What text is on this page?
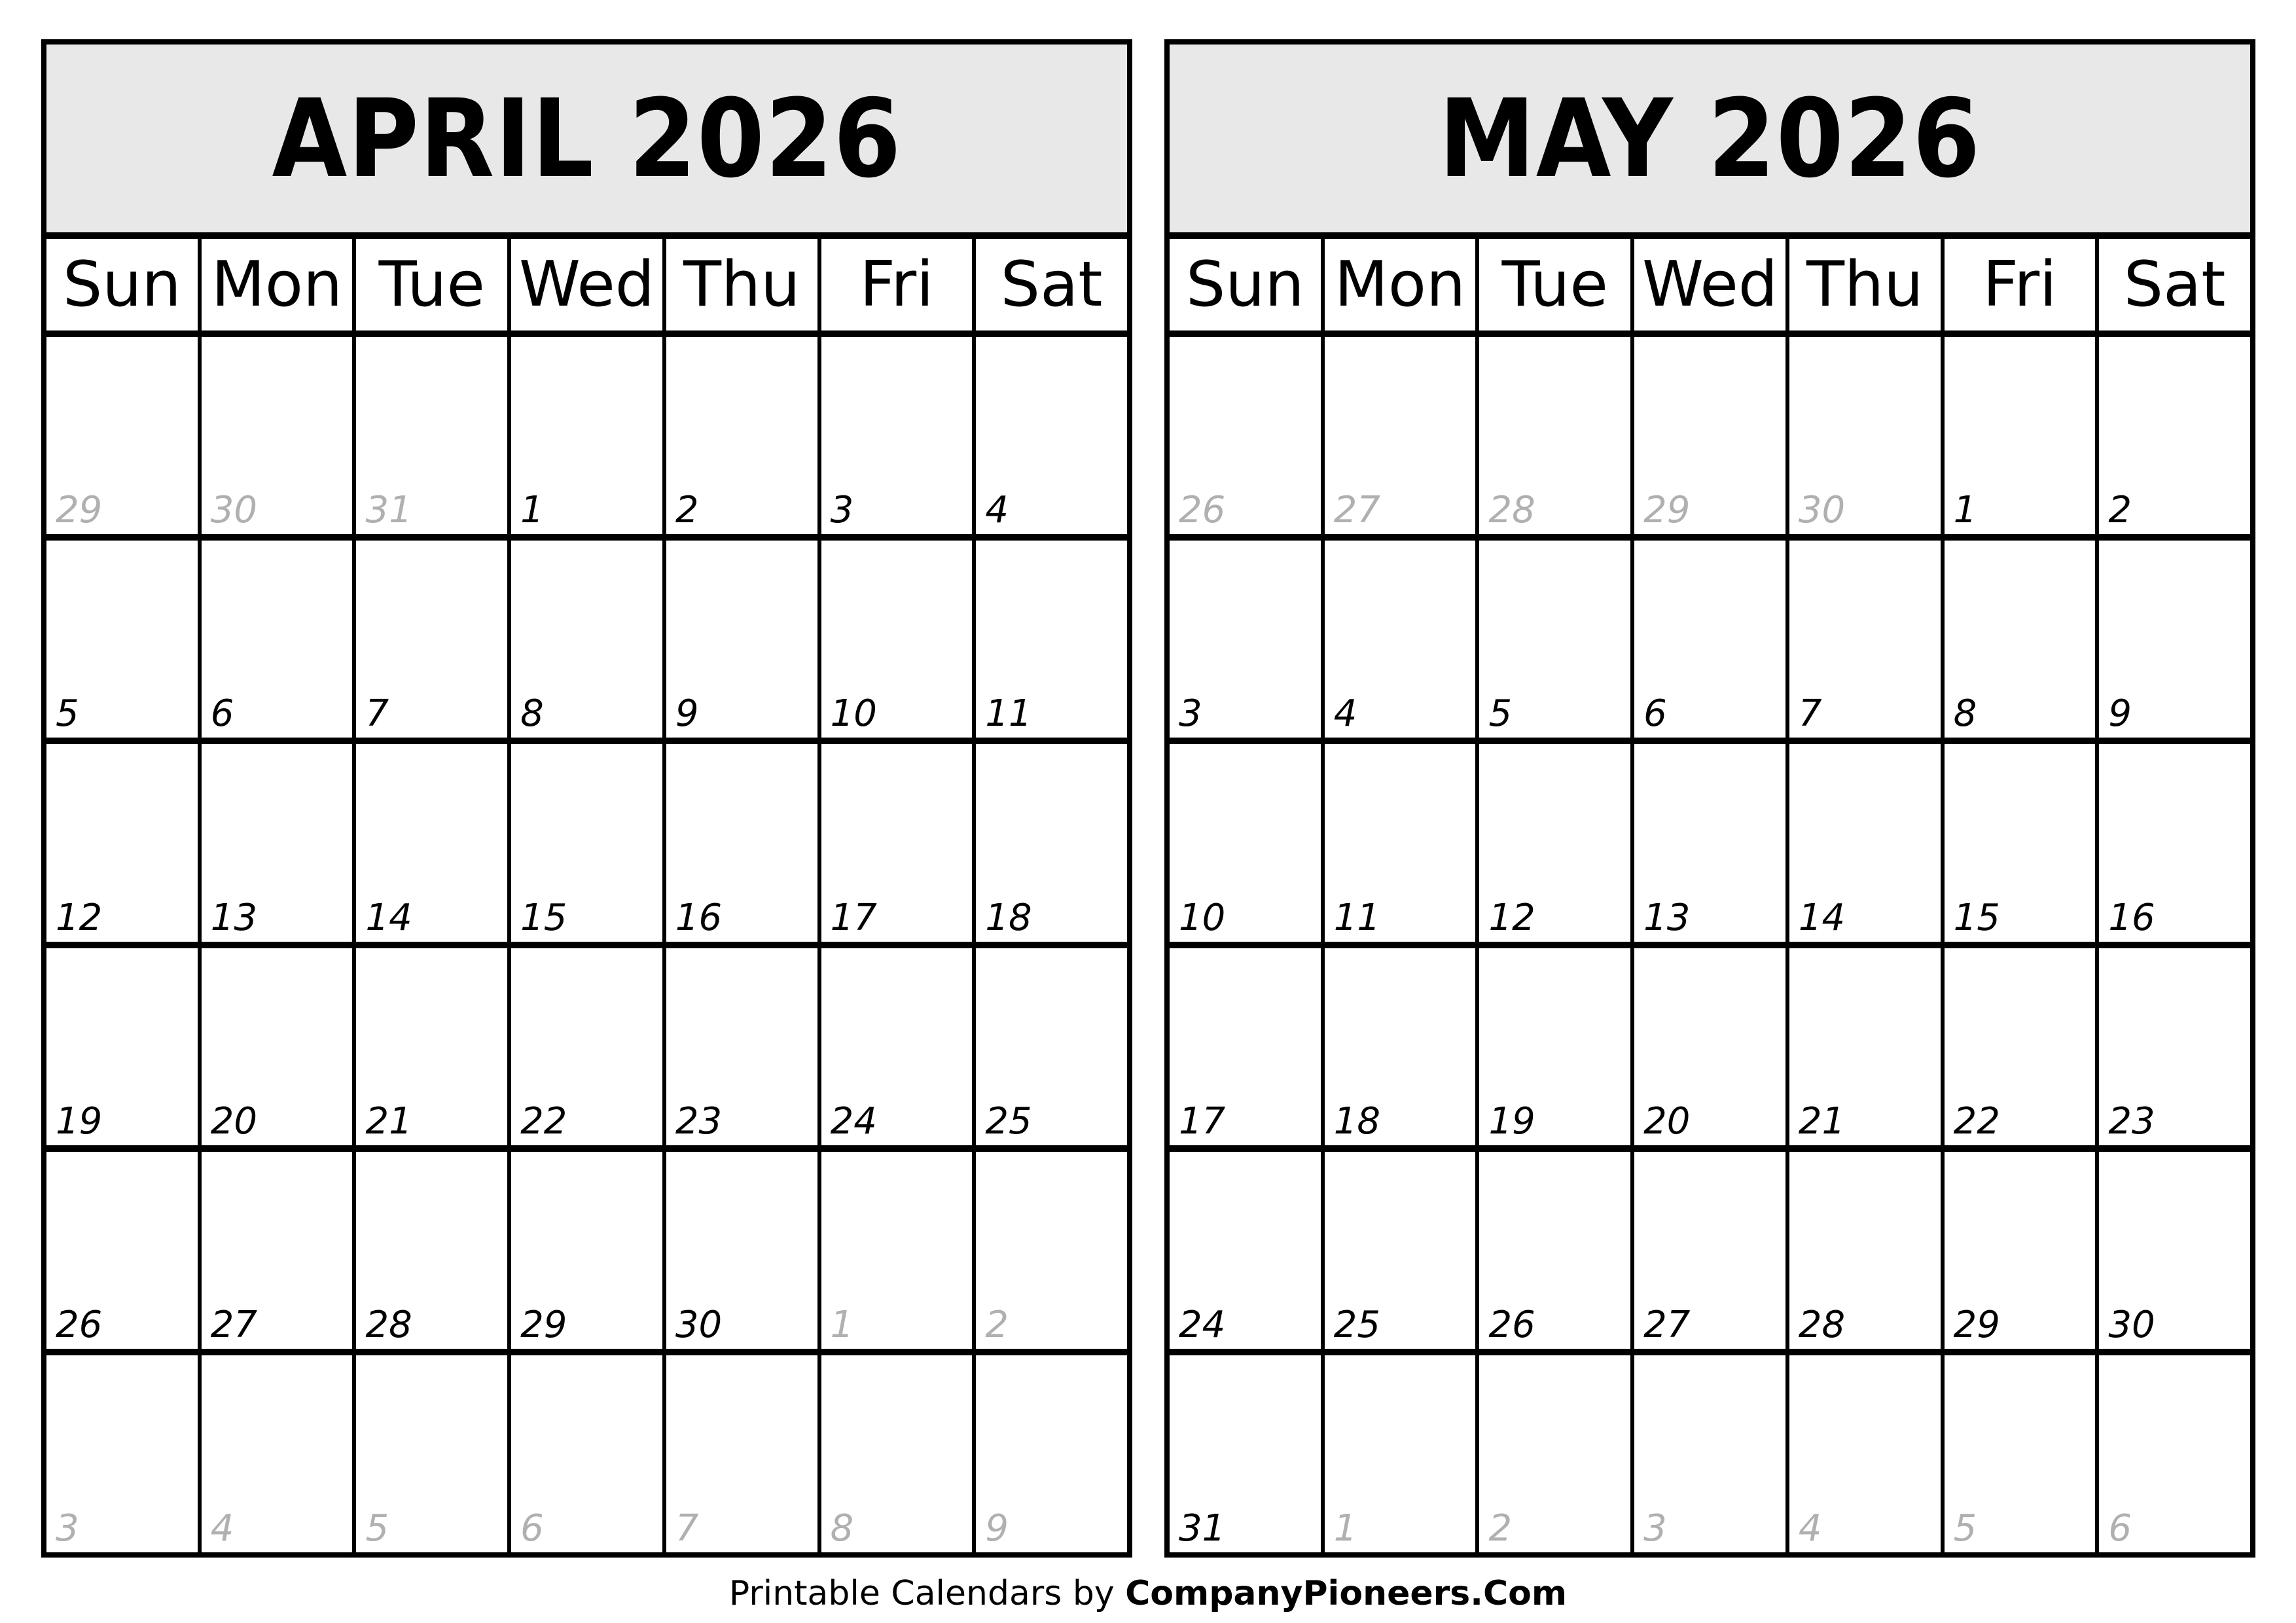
APRIL 2026
Sun Mon Tue Wed Thu Fri	Sat
29	30	31	1	2	3	4
5	6	7	8	9	10	11
12	13	14	15	16	17	18
19	20	21	22	23	24	25
26	27	28	29	30	1	2
3	4	5	6	7	8	9
MAY 2026
Sun Mon Tue Wed Thu Fri	Sat
26	27	28	29	30	1	2
3	4	5	6	7	8	9
10	11	12	13	14	15	16
17	18	19	20	21	22	23
24	25	26	27	28	29	30
31	1	2	3	4	5	6
Printable Calendars by CompanyPioneers.Com
